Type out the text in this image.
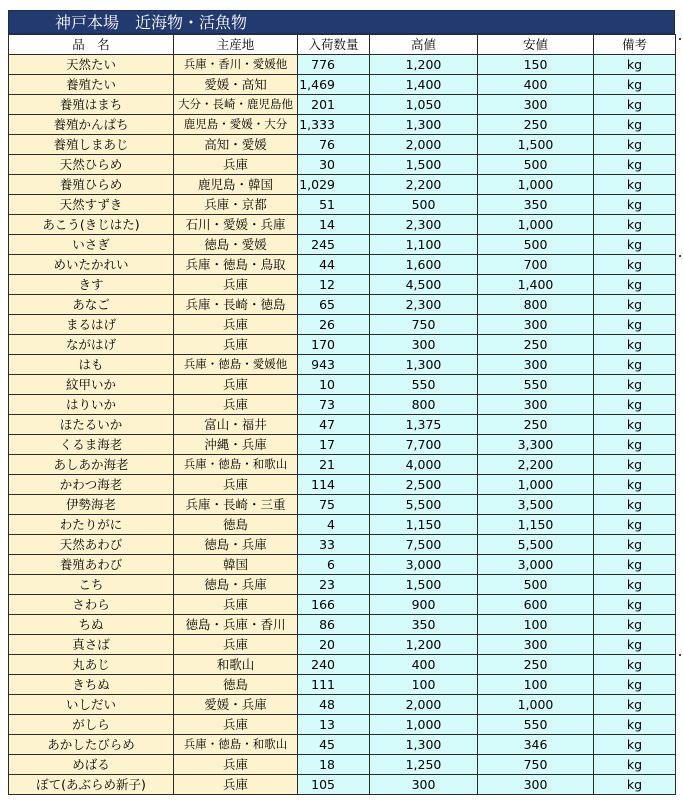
神戸本場　近海物・活魚物
品　名	主産地	入荷数量	高値	安値	備考
天然たい	兵庫・香川・愛媛他	776	1,200	150	kg
養殖たい	愛媛・高知	1,469	1,400	400	kg
養殖はまち	大分・長崎・鹿児島他	201	1,050	300	kg
養殖かんぱち	鹿児島・愛媛・大分	1,333	1,300	250	kg
養殖しまあじ	高知・愛媛	76	2,000	1,500	kg
天然ひらめ	兵庫	30	1,500	500	kg
養殖ひらめ	鹿児島・韓国	1,029	2,200	1,000	kg
天然すずき	兵庫・京都	51	500	350	kg
あこう(きじはた)	石川・愛媛・兵庫	14	2,300	1,000	kg
いさぎ	徳島・愛媛	245	1,100	500	kg
めいたかれい	兵庫・徳島・鳥取	44	1,600	700	kg
きす	兵庫	12	4,500	1,400	kg
あなご	兵庫・長崎・徳島	65	2,300	800	kg
まるはげ	兵庫	26	750	300	kg
ながはげ	兵庫	170	300	250	kg
はも	兵庫・徳島・愛媛他	943	1,300	300	kg
紋甲いか	兵庫	10	550	550	kg
はりいか	兵庫	73	800	300	kg
ほたるいか	富山・福井	47	1,375	250	kg
くるま海老	沖縄・兵庫	17	7,700	3,300	kg
あしあか海老	兵庫・徳島・和歌山	21	4,000	2,200	kg
かわつ海老	兵庫	114	2,500	1,000	kg
伊勢海老	兵庫・長崎・三重	75	5,500	3,500	kg
わたりがに	徳島	4	1,150	1,150	kg
天然あわび	徳島・兵庫	33	7,500	5,500	kg
養殖あわび	韓国	6	3,000	3,000	kg
こち	徳島・兵庫	23	1,500	500	kg
さわら	兵庫	166	900	600	kg
ちぬ	徳島・兵庫・香川	86	350	100	kg
真さば	兵庫	20	1,200	300	kg
丸あじ	和歌山	240	400	250	kg
きちぬ	徳島	111	100	100	kg
いしだい	愛媛・兵庫	48	2,000	1,000	kg
がしら	兵庫	13	1,000	550	kg
あかしたびらめ	兵庫・徳島・和歌山	45	1,300	346	kg
めばる	兵庫	18	1,250	750	kg
ぼて(あぶらめ新子)	兵庫	105	300	300	kg
